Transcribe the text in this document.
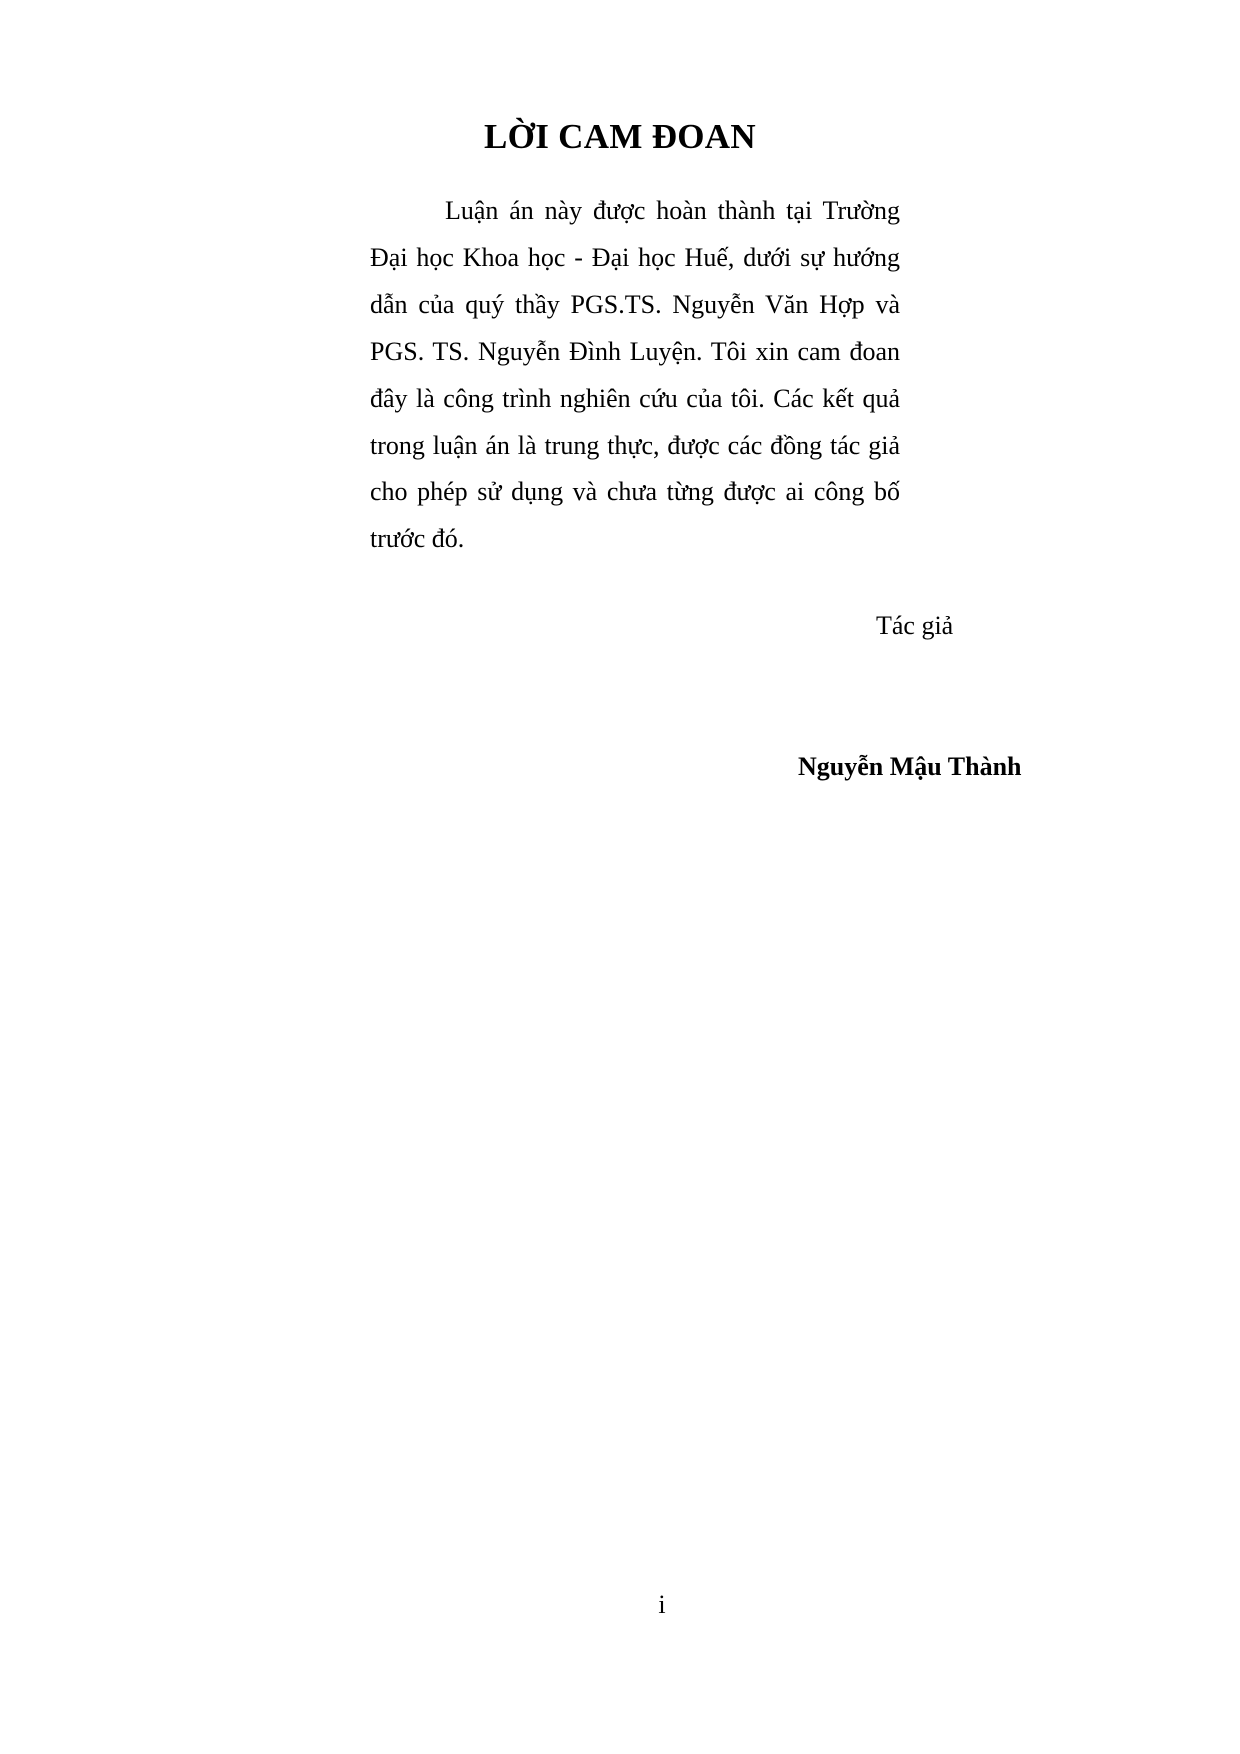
LỜI CAM ĐOAN

Luận án này được hoàn thành tại Trường Đại học Khoa học - Đại học Huế, dưới sự hướng dẫn của quý thầy PGS.TS. Nguyễn Văn Hợp và PGS. TS. Nguyễn Đình Luyện. Tôi xin cam đoan đây là công trình nghiên cứu của tôi. Các kết quả trong luận án là trung thực, được các đồng tác giả cho phép sử dụng và chưa từng được ai công bố trước đó.

Tác giả

Nguyễn Mậu Thành

i
